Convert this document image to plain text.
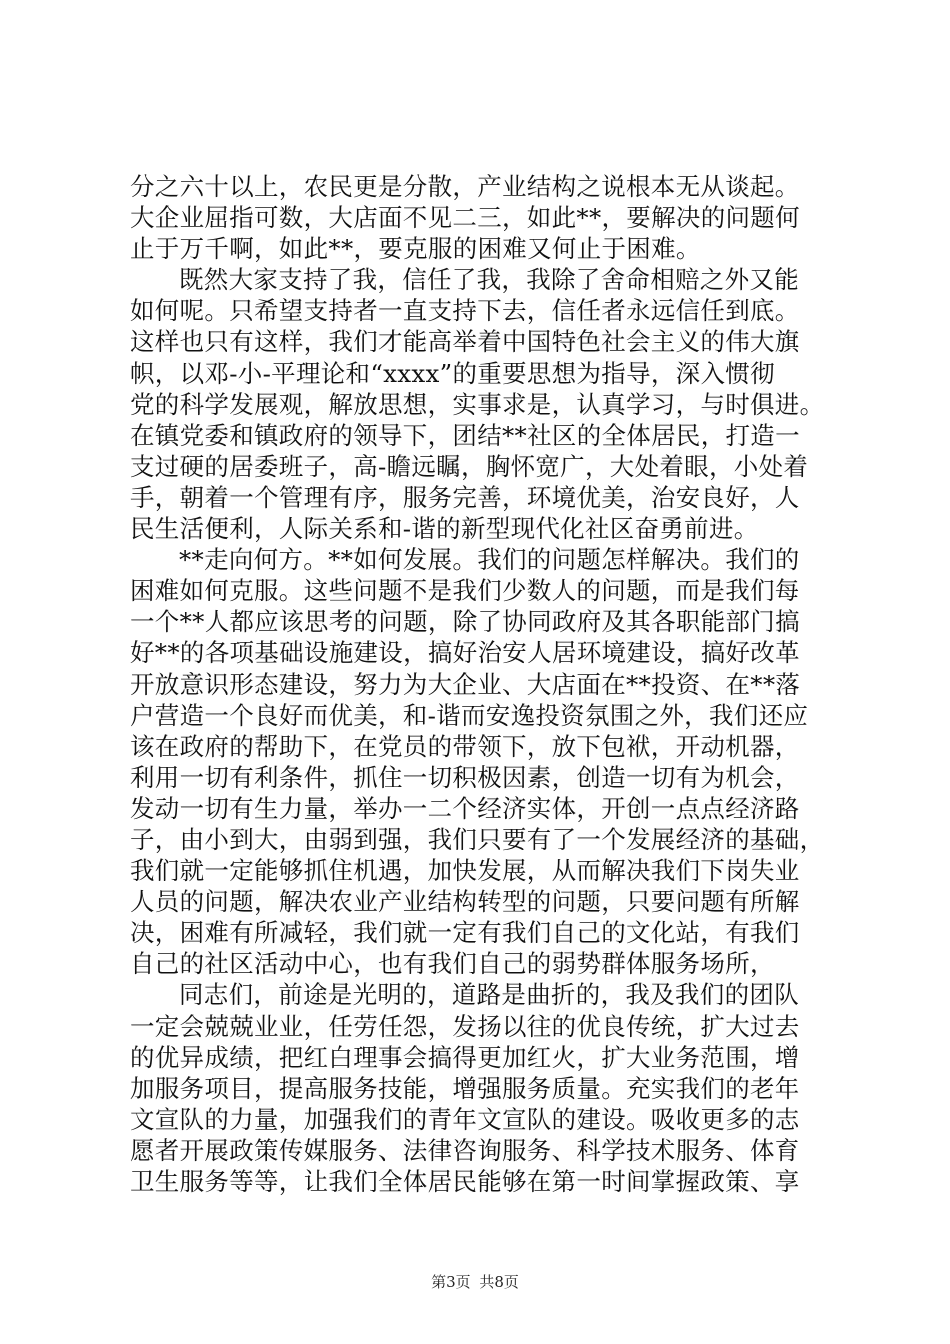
分之六十以上，农民更是分散，产业结构之说根本无从谈起。
大企业屈指可数，大店面不见二三，如此**，要解决的问题何
止于万千啊，如此**，要克服的困难又何止于困难。
既然大家支持了我，信任了我，我除了舍命相赔之外又能
如何呢。只希望支持者一直支持下去，信任者永远信任到底。
这样也只有这样，我们才能高举着中国特色社会主义的伟大旗
帜，以邓-小-平理论和“xxxx”的重要思想为指导，深入惯彻
党的科学发展观，解放思想，实事求是，认真学习，与时俱进。
在镇党委和镇政府的领导下，团结**社区的全体居民，打造一
支过硬的居委班子，高-瞻远瞩，胸怀宽广，大处着眼，小处着
手，朝着一个管理有序，服务完善，环境优美，治安良好，人
民生活便利，人际关系和-谐的新型现代化社区奋勇前进。
**走向何方。**如何发展。我们的问题怎样解决。我们的
困难如何克服。这些问题不是我们少数人的问题，而是我们每
一个**人都应该思考的问题，除了协同政府及其各职能部门搞
好**的各项基础设施建设，搞好治安人居环境建设，搞好改革
开放意识形态建设，努力为大企业、大店面在**投资、在**落
户营造一个良好而优美，和-谐而安逸投资氛围之外，我们还应
该在政府的帮助下，在党员的带领下，放下包袱，开动机器，
利用一切有利条件，抓住一切积极因素，创造一切有为机会，
发动一切有生力量，举办一二个经济实体，开创一点点经济路
子，由小到大，由弱到强，我们只要有了一个发展经济的基础，
我们就一定能够抓住机遇，加快发展，从而解决我们下岗失业
人员的问题，解决农业产业结构转型的问题，只要问题有所解
决，困难有所减轻，我们就一定有我们自己的文化站，有我们
自己的社区活动中心，也有我们自己的弱势群体服务场所，
同志们，前途是光明的，道路是曲折的，我及我们的团队
一定会兢兢业业，任劳任怨，发扬以往的优良传统，扩大过去
的优异成绩，把红白理事会搞得更加红火，扩大业务范围，增
加服务项目，提高服务技能，增强服务质量。充实我们的老年
文宣队的力量，加强我们的青年文宣队的建设。吸收更多的志
愿者开展政策传媒服务、法律咨询服务、科学技术服务、体育
卫生服务等等，让我们全体居民能够在第一时间掌握政策、享
第3页 共8页
